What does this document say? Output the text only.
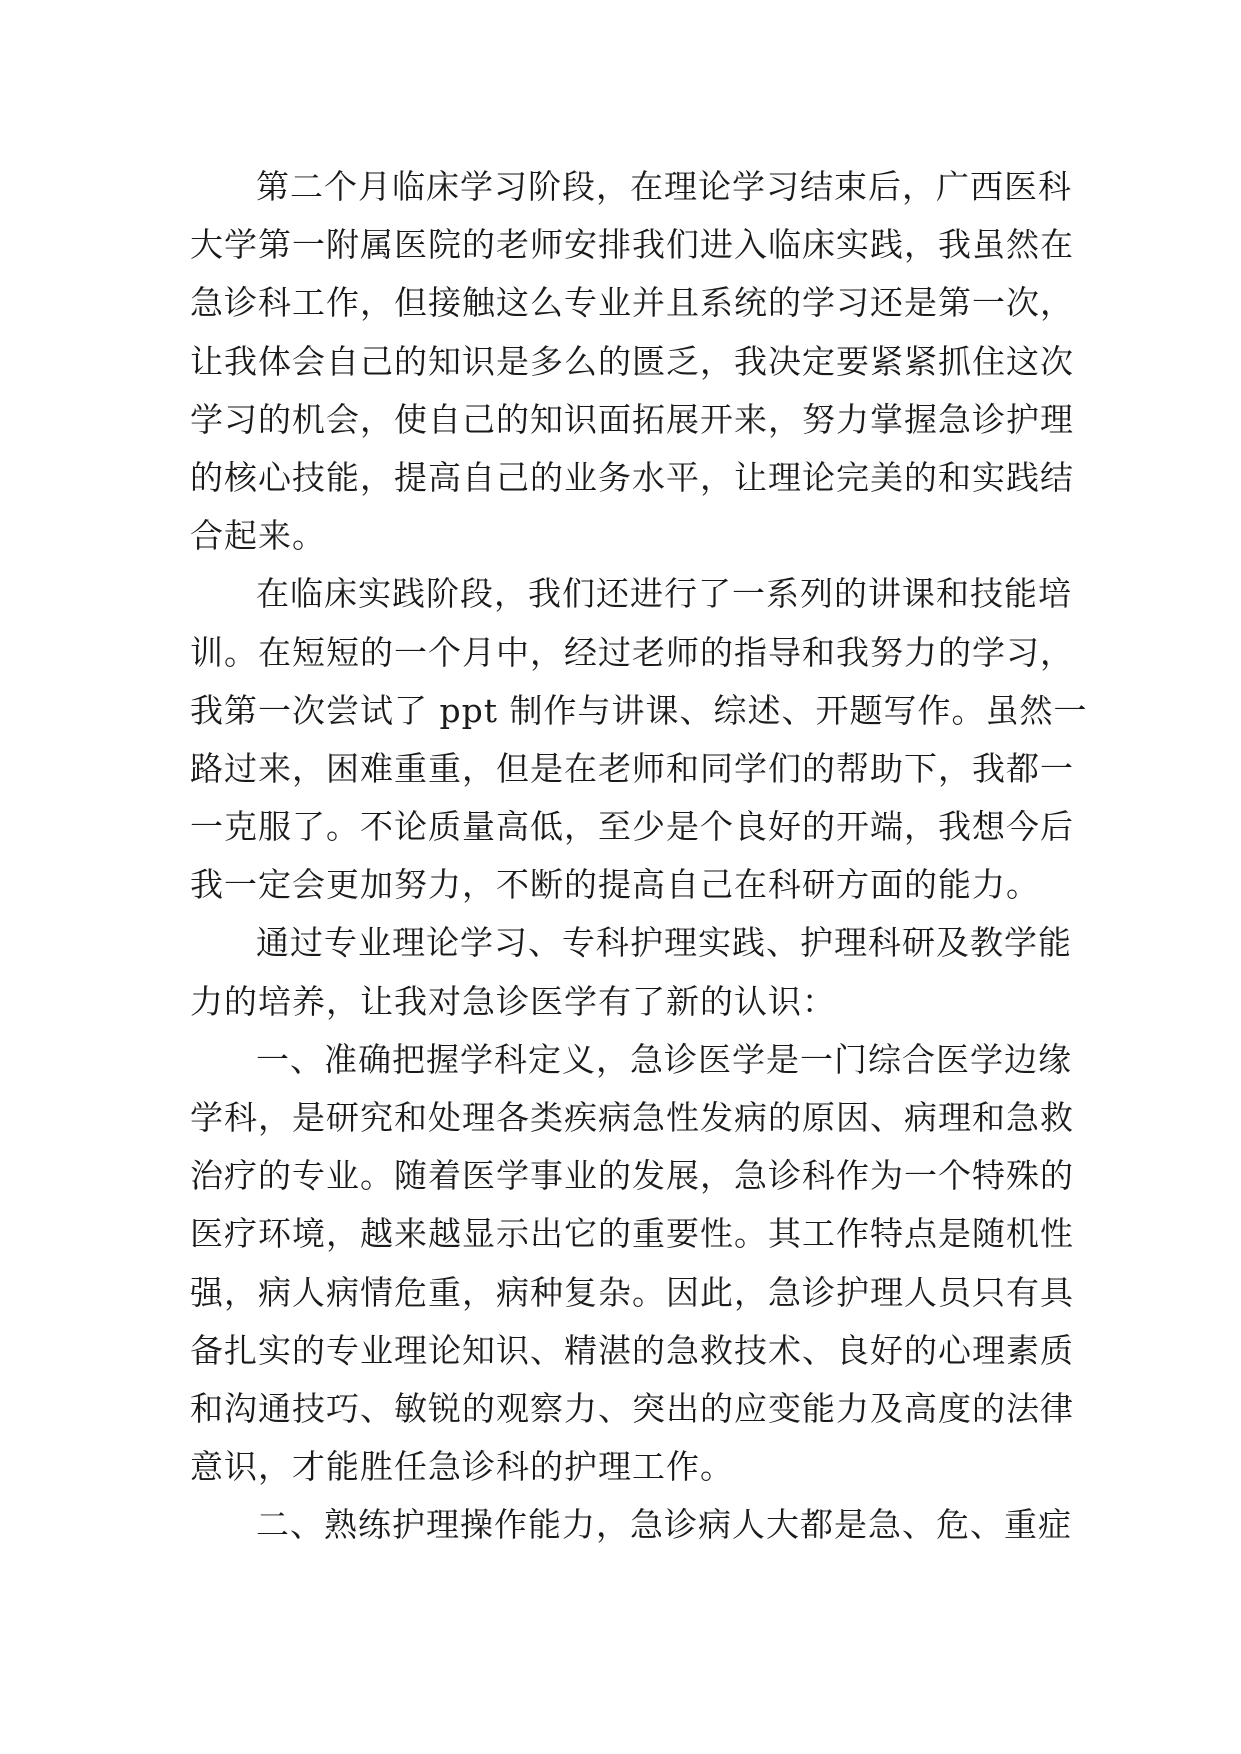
第二个月临床学习阶段，在理论学习结束后，广西医科
大学第一附属医院的老师安排我们进入临床实践，我虽然在
急诊科工作，但接触这么专业并且系统的学习还是第一次，
让我体会自己的知识是多么的匮乏，我决定要紧紧抓住这次
学习的机会，使自己的知识面拓展开来，努力掌握急诊护理
的核心技能，提高自己的业务水平，让理论完美的和实践结
合起来。
在临床实践阶段，我们还进行了一系列的讲课和技能培
训。在短短的一个月中，经过老师的指导和我努力的学习，
我第一次尝试了 ppt 制作与讲课、综述、开题写作。虽然一
路过来，困难重重，但是在老师和同学们的帮助下，我都一
一克服了。不论质量高低，至少是个良好的开端，我想今后
我一定会更加努力，不断的提高自己在科研方面的能力。
通过专业理论学习、专科护理实践、护理科研及教学能
力的培养，让我对急诊医学有了新的认识：
一、准确把握学科定义，急诊医学是一门综合医学边缘
学科，是研究和处理各类疾病急性发病的原因、病理和急救
治疗的专业。随着医学事业的发展，急诊科作为一个特殊的
医疗环境，越来越显示出它的重要性。其工作特点是随机性
强，病人病情危重，病种复杂。因此，急诊护理人员只有具
备扎实的专业理论知识、精湛的急救技术、良好的心理素质
和沟通技巧、敏锐的观察力、突出的应变能力及高度的法律
意识，才能胜任急诊科的护理工作。
二、熟练护理操作能力，急诊病人大都是急、危、重症
